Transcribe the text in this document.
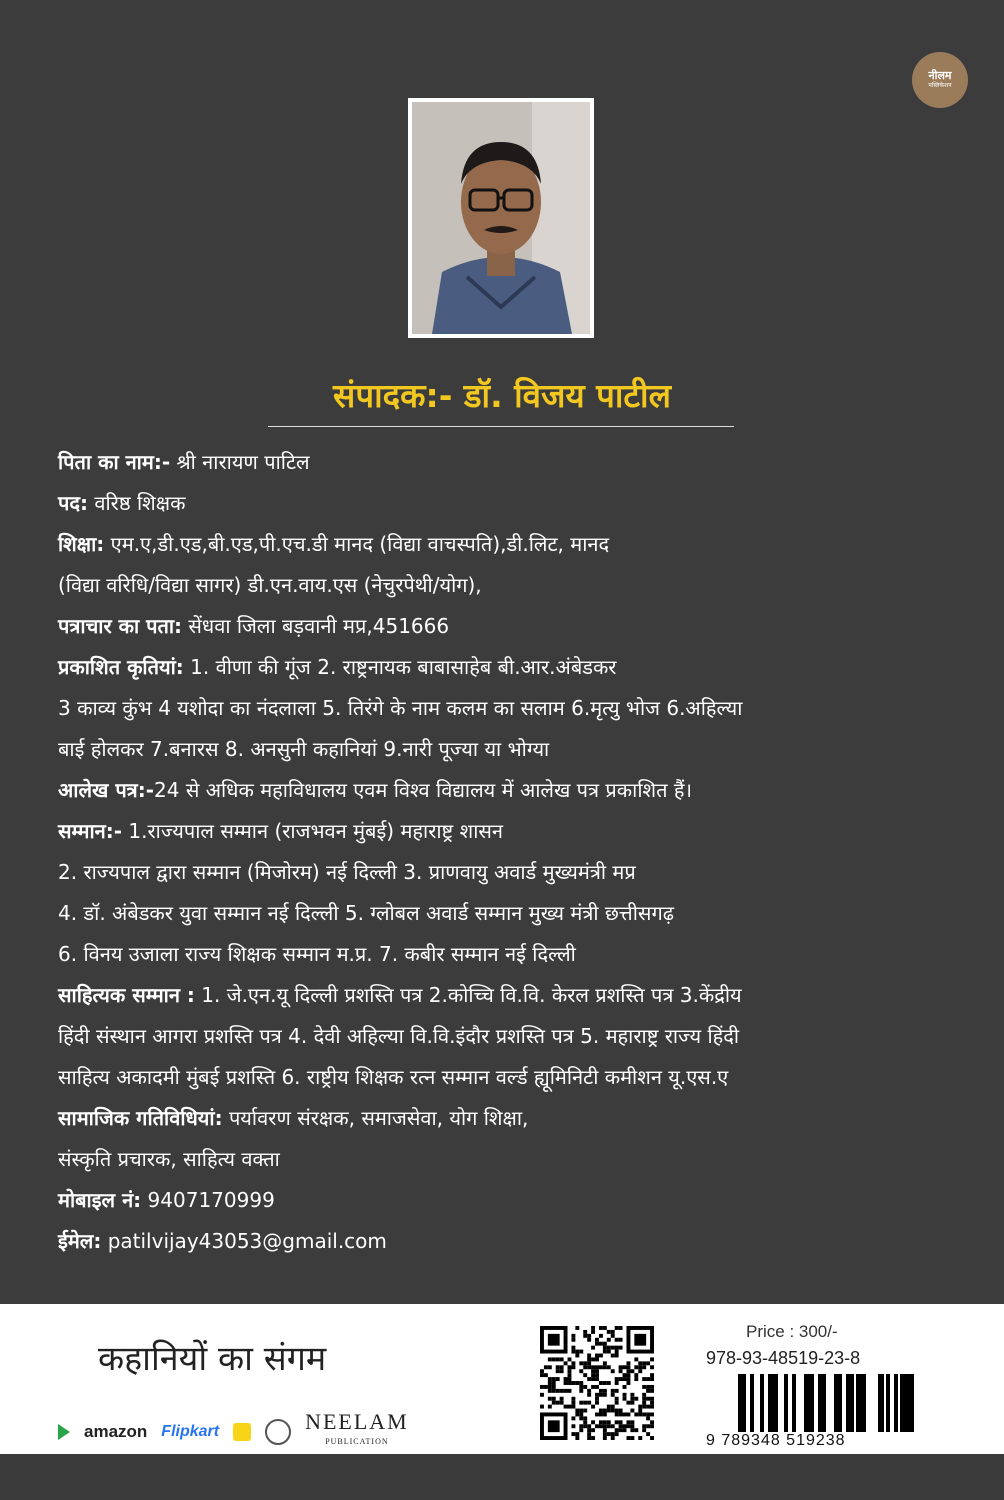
नीलम
पब्लिकेशन
संपादक:- डॉ. विजय पाटील
पिता का नाम:- श्री नारायण पाटिल
पद: वरिष्ठ शिक्षक
शिक्षा: एम.ए,डी.एड,बी.एड,पी.एच.डी मानद (विद्या वाचस्पति),डी.लिट, मानद
(विद्या वरिधि/विद्या सागर) डी.एन.वाय.एस (नेचुरपेथी/योग),
पत्राचार का पता: सेंधवा जिला बड़वानी मप्र,451666
प्रकाशित कृतियां: 1. वीणा की गूंज 2. राष्ट्रनायक बाबासाहेब बी.आर.अंबेडकर
3 काव्य कुंभ 4 यशोदा का नंदलाला 5. तिरंगे के नाम कलम का सलाम 6.मृत्यु भोज 6.अहिल्या
बाई होलकर 7.बनारस 8. अनसुनी कहानियां 9.नारी पूज्या या भोग्या
आलेख पत्र:-24 से अधिक महाविधालय एवम विश्व विद्यालय में आलेख पत्र प्रकाशित हैं।
सम्मान:- 1.राज्यपाल सम्मान (राजभवन मुंबई) महाराष्ट्र शासन
2. राज्यपाल द्वारा सम्मान (मिजोरम) नई दिल्ली 3. प्राणवायु अवार्ड मुख्यमंत्री मप्र
4. डॉ. अंबेडकर युवा सम्मान नई दिल्ली 5. ग्लोबल अवार्ड सम्मान मुख्य मंत्री छत्तीसगढ़
6. विनय उजाला राज्य शिक्षक सम्मान म.प्र. 7. कबीर सम्मान नई दिल्ली
साहित्यक सम्मान : 1. जे.एन.यू दिल्ली प्रशस्ति पत्र 2.कोच्चि वि.वि. केरल प्रशस्ति पत्र 3.केंद्रीय
हिंदी संस्थान आगरा प्रशस्ति पत्र 4. देवी अहिल्या वि.वि.इंदौर प्रशस्ति पत्र 5. महाराष्ट्र राज्य हिंदी
साहित्य अकादमी मुंबई प्रशस्ति 6. राष्ट्रीय शिक्षक रत्न सम्मान वर्ल्ड ह्यूमिनिटी कमीशन यू.एस.ए
सामाजिक गतिविधियां: पर्यावरण संरक्षक, समाजसेवा, योग शिक्षा,
संस्कृति प्रचारक, साहित्य वक्ता
मोबाइल नं: 9407170999
ईमेल: patilvijay43053@gmail.com
कहानियों का संगम
amazon Flipkart	NEELAM
PUBLICATION
Price : 300/-
978-93-48519-23-8
9 789348 519238
